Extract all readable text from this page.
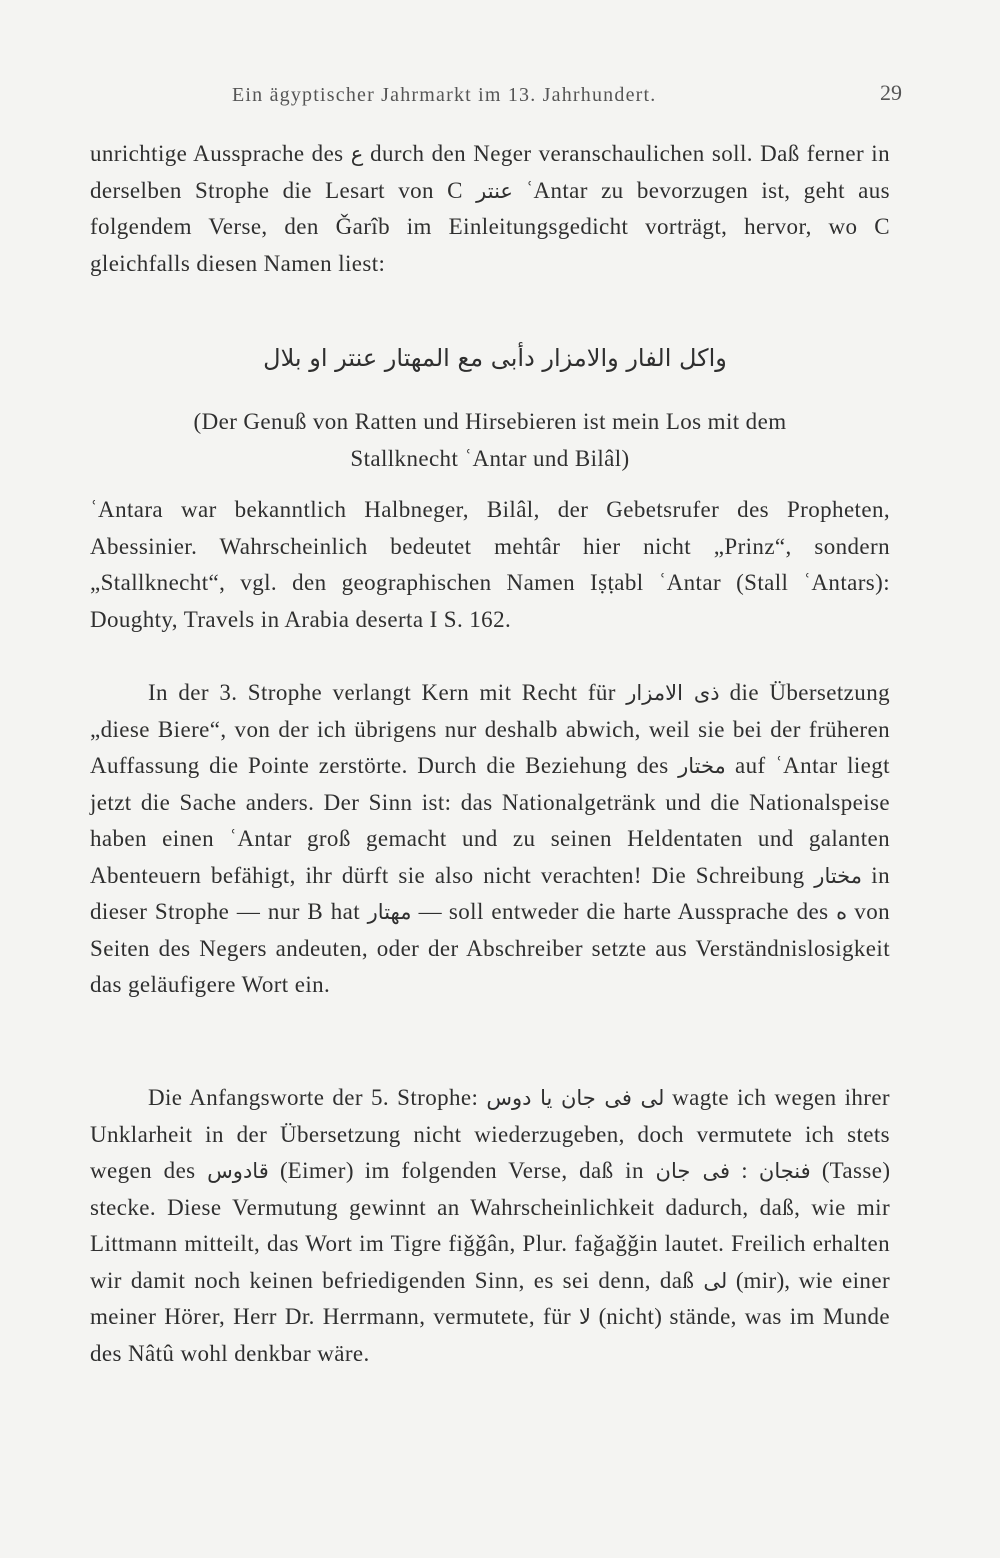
Ein ägyptischer Jahrmarkt im 13. Jahrhundert.	29

unrichtige Aussprache des ع durch den Neger veranschaulichen soll. Daß ferner in derselben Strophe die Lesart von C عنتر ʿAntar zu bevorzugen ist, geht aus folgendem Verse, den Ǧarîb im Einleitungsgedicht vorträgt, hervor, wo C gleichfalls diesen Namen liest:

واكل الفار والامزار دأبى مع المهتار عنتر او بلال
(Der Genuß von Ratten und Hirsebieren ist mein Los mit dem
Stallknecht ʿAntar und Bilâl)
ʿAntara war bekanntlich Halbneger, Bilâl, der Gebetsrufer des Propheten, Abessinier. Wahrscheinlich bedeutet mehtâr hier nicht „Prinz“, sondern „Stallknecht“, vgl. den geographischen Namen Iṣṭabl ʿAntar (Stall ʿAntars): Doughty, Travels in Arabia deserta I S. 162.
In der 3. Strophe verlangt Kern mit Recht für ذى الامزار die Übersetzung „diese Biere“, von der ich übrigens nur deshalb abwich, weil sie bei der früheren Auffassung die Pointe zerstörte. Durch die Beziehung des مختار auf ʿAntar liegt jetzt die Sache anders. Der Sinn ist: das Nationalgetränk und die Nationalspeise haben einen ʿAntar groß gemacht und zu seinen Heldentaten und galanten Abenteuern befähigt, ihr dürft sie also nicht verachten! Die Schreibung مختار in dieser Strophe — nur B hat مهتار — soll entweder die harte Aussprache des ه von Seiten des Negers andeuten, oder der Abschreiber setzte aus Verständnislosigkeit das geläufigere Wort ein.
Die Anfangsworte der 5. Strophe: لى فى جان يا دوس wagte ich wegen ihrer Unklarheit in der Übersetzung nicht wiederzugeben, doch vermutete ich stets wegen des قادوس (Eimer) im folgenden Verse, daß in فى جان : فنجان (Tasse) stecke. Diese Vermutung gewinnt an Wahrscheinlichkeit dadurch, daß, wie mir Littmann mitteilt, das Wort im Tigre fiǧǧân, Plur. faǧaǧǧin lautet. Freilich erhalten wir damit noch keinen befriedigenden Sinn, es sei denn, daß لى (mir), wie einer meiner Hörer, Herr Dr. Herrmann, vermutete, für لا (nicht) stände, was im Munde des Nâtû wohl denkbar wäre.
